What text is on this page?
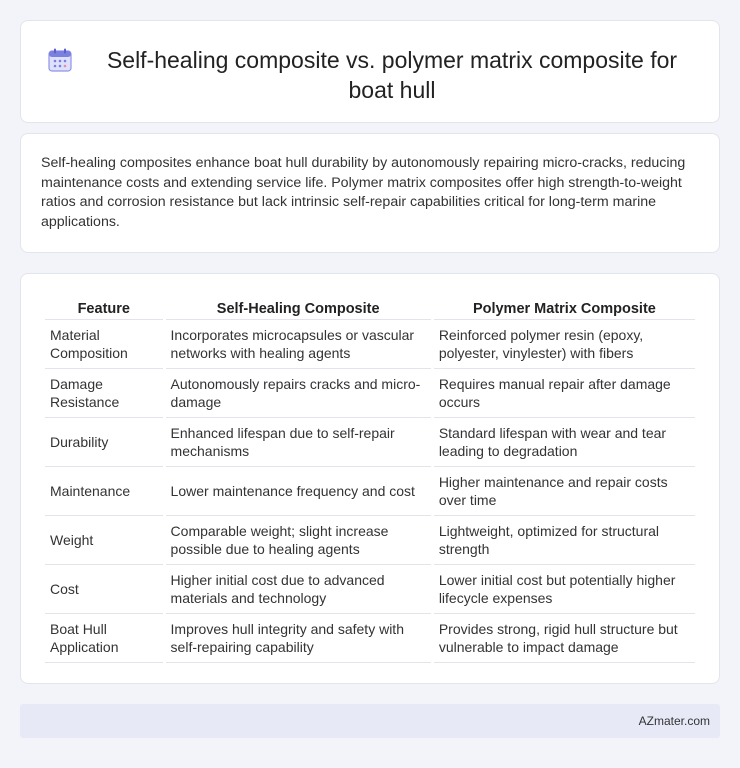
Self-healing composite vs. polymer matrix composite for boat hull

Self-healing composites enhance boat hull durability by autonomously repairing micro-cracks, reducing maintenance costs and extending service life. Polymer matrix composites offer high strength-to-weight ratios and corrosion resistance but lack intrinsic self-repair capabilities critical for long-term marine applications.

Feature	Self-Healing Composite	Polymer Matrix Composite
Material Composition	Incorporates microcapsules or vascular networks with healing agents	Reinforced polymer resin (epoxy, polyester, vinylester) with fibers
Damage Resistance	Autonomously repairs cracks and micro-damage	Requires manual repair after damage occurs
Durability	Enhanced lifespan due to self-repair mechanisms	Standard lifespan with wear and tear leading to degradation
Maintenance	Lower maintenance frequency and cost	Higher maintenance and repair costs over time
Weight	Comparable weight; slight increase possible due to healing agents	Lightweight, optimized for structural strength
Cost	Higher initial cost due to advanced materials and technology	Lower initial cost but potentially higher lifecycle expenses
Boat Hull Application	Improves hull integrity and safety with self-repairing capability	Provides strong, rigid hull structure but vulnerable to impact damage
AZmater.com
